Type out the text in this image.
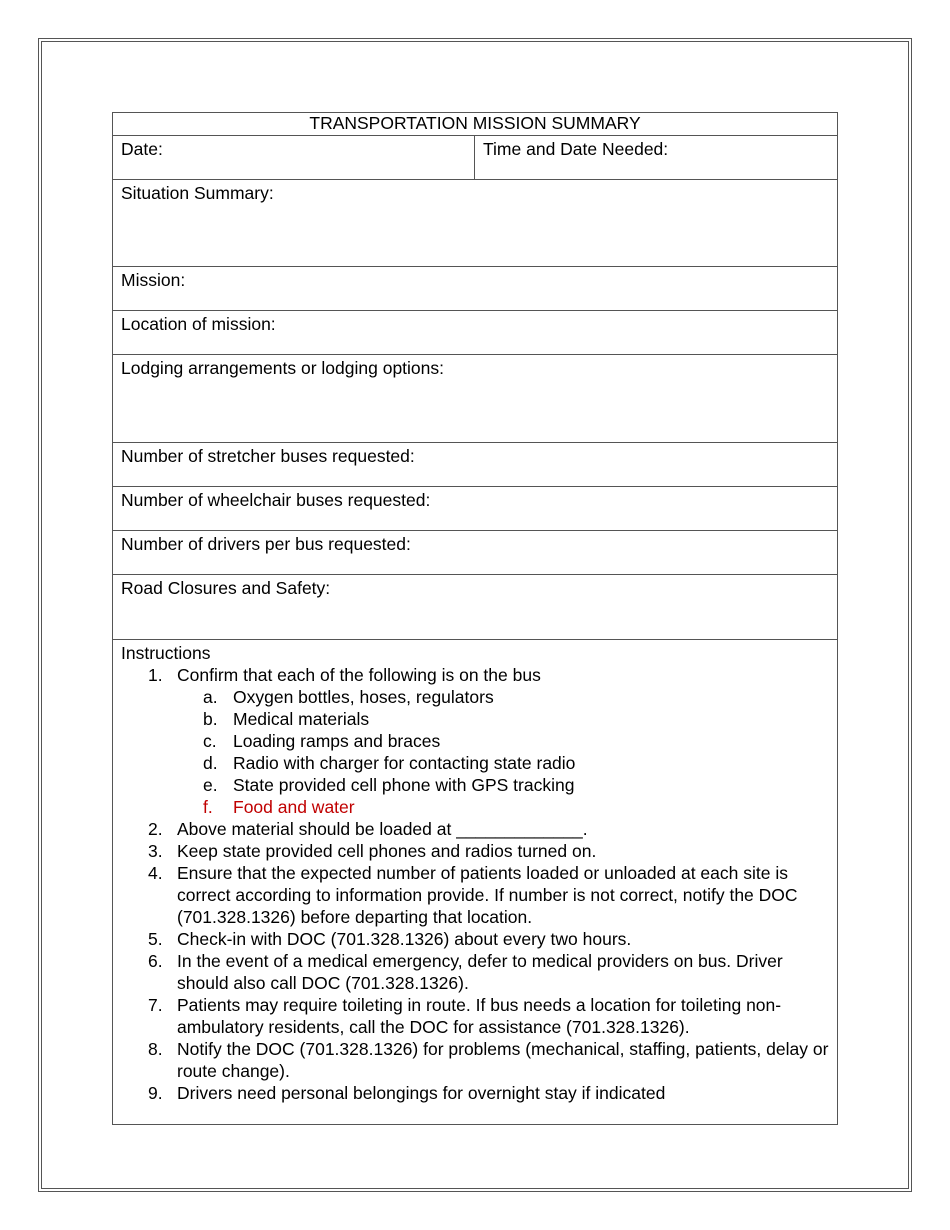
TRANSPORTATION MISSION SUMMARY
Date:	Time and Date Needed:
Situation Summary:
Mission:
Location of mission:
Lodging arrangements or lodging options:
Number of stretcher buses requested:
Number of wheelchair buses requested:
Number of drivers per bus requested:
Road Closures and Safety:
Instructions
1. Confirm that each of the following is on the bus
a. Oxygen bottles, hoses, regulators
b. Medical materials
c. Loading ramps and braces
d. Radio with charger for contacting state radio
e. State provided cell phone with GPS tracking
f. Food and water
2. Above material should be loaded at _____________.
3. Keep state provided cell phones and radios turned on.
4. Ensure that the expected number of patients loaded or unloaded at each site is correct according to information provide. If number is not correct, notify the DOC (701.328.1326) before departing that location.
5. Check-in with DOC (701.328.1326) about every two hours.
6. In the event of a medical emergency, defer to medical providers on bus. Driver should also call DOC (701.328.1326).
7. Patients may require toileting in route. If bus needs a location for toileting non-ambulatory residents, call the DOC for assistance (701.328.1326).
8. Notify the DOC (701.328.1326) for problems (mechanical, staffing, patients, delay or route change).
9. Drivers need personal belongings for overnight stay if indicated
